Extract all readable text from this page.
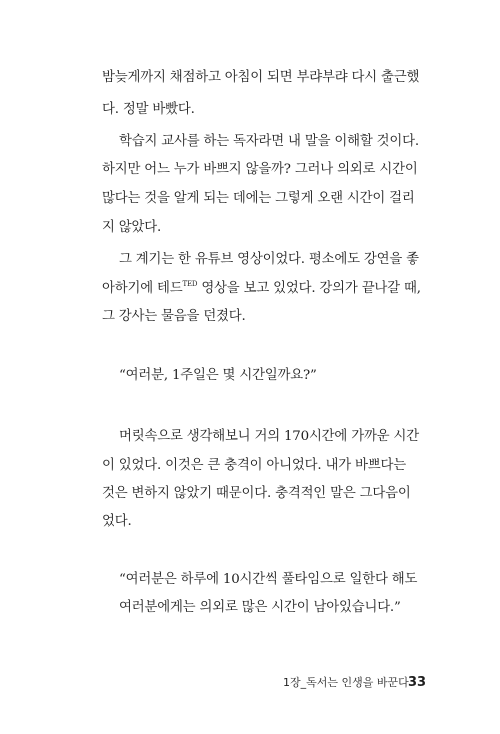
밤늦게까지 채점하고 아침이 되면 부랴부랴 다시 출근했
다. 정말 바빴다.
학습지 교사를 하는 독자라면 내 말을 이해할 것이다.
하지만 어느 누가 바쁘지 않을까? 그러나 의외로 시간이
많다는 것을 알게 되는 데에는 그렇게 오랜 시간이 걸리
지 않았다.
그 계기는 한 유튜브 영상이었다. 평소에도 강연을 좋
아하기에 테드$^{TED}$ 영상을 보고 있었다. 강의가 끝나갈 때,
그 강사는 물음을 던졌다.
“여러분, 1주일은 몇 시간일까요?”
머릿속으로 생각해보니 거의 170시간에 가까운 시간
이 있었다. 이것은 큰 충격이 아니었다. 내가 바쁘다는
것은 변하지 않았기 때문이다. 충격적인 말은 그다음이
었다.
“여러분은 하루에 10시간씩 풀타임으로 일한다 해도
여러분에게는 의외로 많은 시간이 남아있습니다.”
1장_독서는 인생을 바꾼다 33
